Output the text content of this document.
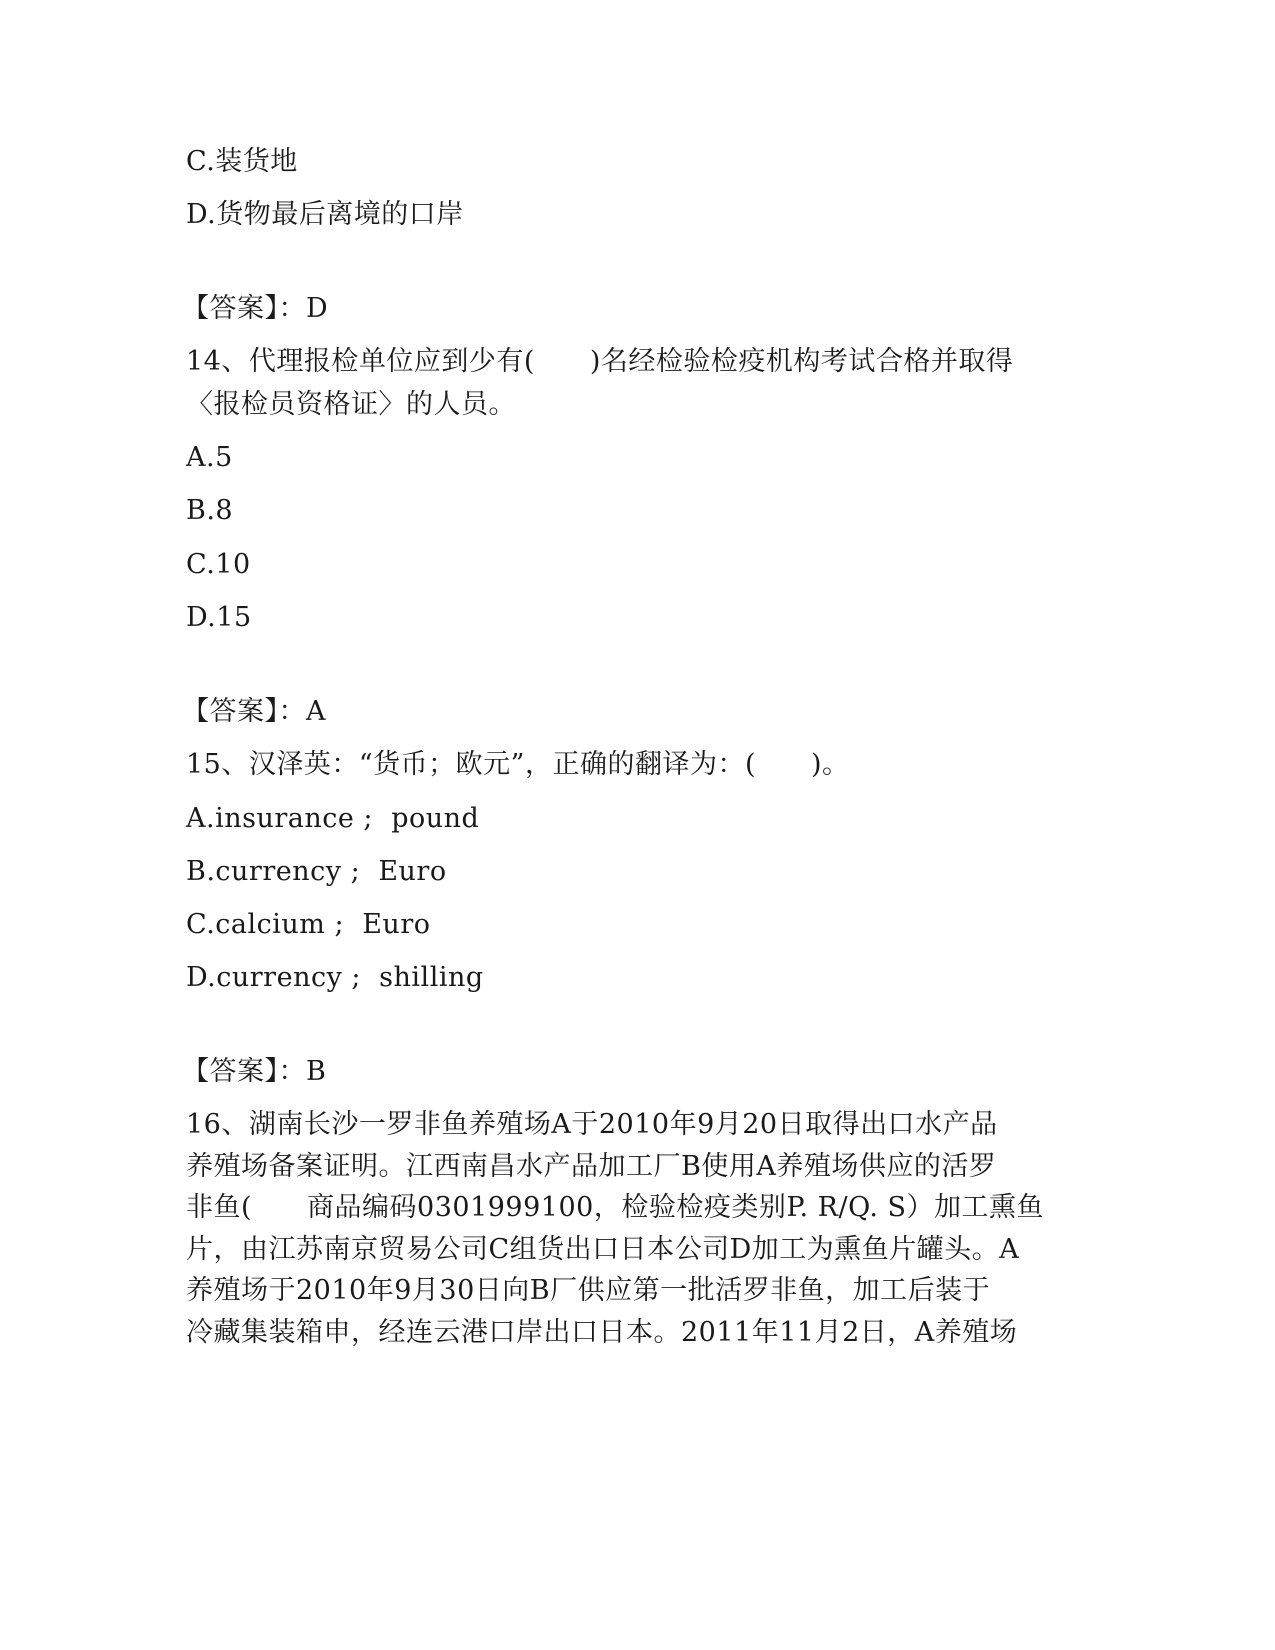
C.装货地
D.货物最后离境的口岸
【答案】：D
14、代理报检单位应到少有(　　)名经检验检疫机构考试合格并取得
〈报检员资格证〉的人员。
A.5
B.8
C.10
D.15
【答案】：A
15、汉泽英：“货币；欧元”，正确的翻译为：(　　)。
A.insurance ;  pound
B.currency ;  Euro
C.calcium ;  Euro
D.currency ;  shilling
【答案】：B
16、湖南长沙一罗非鱼养殖场A于2010年9月20日取得出口水产品
养殖场备案证明。江西南昌水产品加工厂B使用A养殖场供应的活罗
非鱼(　　商品编码0301999100，检验检疫类别P. R/Q. S）加工熏鱼
片，由江苏南京贸易公司C组货出口日本公司D加工为熏鱼片罐头。A
养殖场于2010年9月30日向B厂供应第一批活罗非鱼，加工后装于
冷藏集装箱申，经连云港口岸出口日本。2011年11月2日，A养殖场
